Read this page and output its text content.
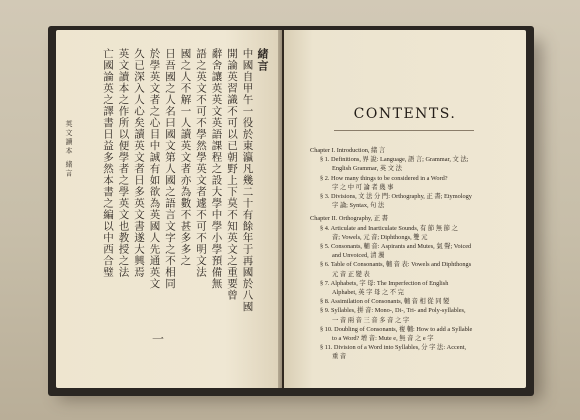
英文讀本 緒言
緒言
中國自甲午一役於東瀛凡幾二十有餘年于再國於八國
開論英習識不可以已朝野上下莫不知英文之重要曾
辭舍讓英英文英語課程之設大學中學小學預備無
語之英文不可不學然學英文者遽不可不明文法
國之人不解一人讀英文者亦為數不甚多多之
日吾國之人名曰國文第人國之語言文字之不相同
於學英文者之心目中誠有如欲為英國人先通英文
久已深入人心矣讀英文者日多英文書遂大興焉
英文讀本之作所以便學者之學英文也教授之法
亡國論英之譯書日益多然本書之編以中西合璧
一
CONTENTS.
Chapter I. Introduction, 緒 言
§ 1. Definitions, 界 說: Language, 語 言; Grammar, 文 法;
English Grammar, 英 文 法
§ 2. How many things to be considered in a Word?
字 之 中 可 論 者 幾 事
§ 3. Divisions, 文 法 分 門: Orthography, 正 書; Etymology
字 論; Syntax, 句 法
Chapter II. Orthography, 正 書
§ 4. Articulate and Inarticulate Sounds, 有 節 無 節 之
音; Vowels, 元 音; Diphthongs, 雙 元
§ 5. Consonants, 輔 音: Aspirants and Mutes, 氣 聲; Voiced
and Unvoiced, 清 濁
§ 6. Table of Consonants, 輔 音 表: Vowels and Diphthongs
元 音 正 變 表
§ 7. Alphabets, 字 母: The Imperfection of English
Alphabet, 英 字 母 之 不 完
§ 8. Assimilation of Consonants, 輔 音 相 從 同 變
§ 9. Syllables, 拼 音: Mono-, Di-, Tri- and Poly-syllables,
一 音 兩 音 三 音 多 音 之 字
§ 10. Doubling of Consonants, 複 輔: How to add a Syllable
to a Word? 增 音: Mute e, 無 音 之 e 字
§ 11. Division of a Word into Syllables, 分 字 法: Accent,
重 音
